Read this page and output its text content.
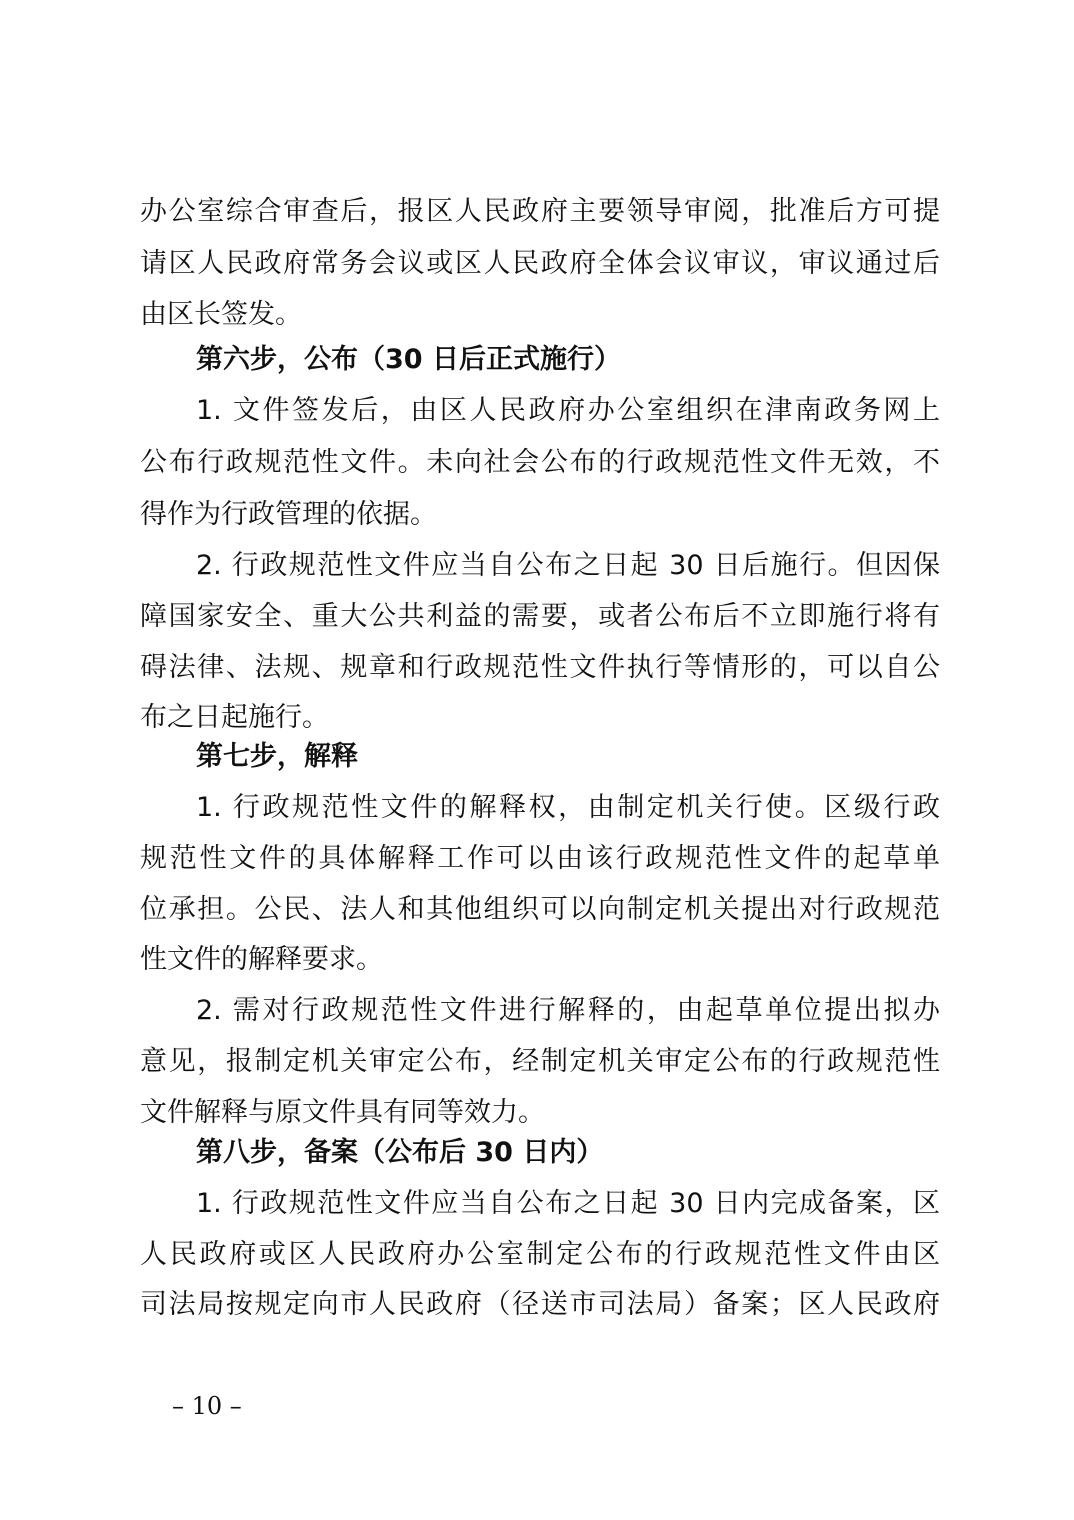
办公室综合审查后，报区人民政府主要领导审阅，批准后方可提
请区人民政府常务会议或区人民政府全体会议审议，审议通过后
由区长签发。
第六步，公布（30 日后正式施行）
1. 文件签发后，由区人民政府办公室组织在津南政务网上
公布行政规范性文件。未向社会公布的行政规范性文件无效，不
得作为行政管理的依据。
2. 行政规范性文件应当自公布之日起 30 日后施行。但因保
障国家安全、重大公共利益的需要，或者公布后不立即施行将有
碍法律、法规、规章和行政规范性文件执行等情形的，可以自公
布之日起施行。
第七步，解释
1. 行政规范性文件的解释权，由制定机关行使。区级行政
规范性文件的具体解释工作可以由该行政规范性文件的起草单
位承担。公民、法人和其他组织可以向制定机关提出对行政规范
性文件的解释要求。
2. 需对行政规范性文件进行解释的，由起草单位提出拟办
意见，报制定机关审定公布，经制定机关审定公布的行政规范性
文件解释与原文件具有同等效力。
第八步，备案（公布后 30 日内）
1. 行政规范性文件应当自公布之日起 30 日内完成备案，区
人民政府或区人民政府办公室制定公布的行政规范性文件由区
司法局按规定向市人民政府（径送市司法局）备案；区人民政府
– 10 –
